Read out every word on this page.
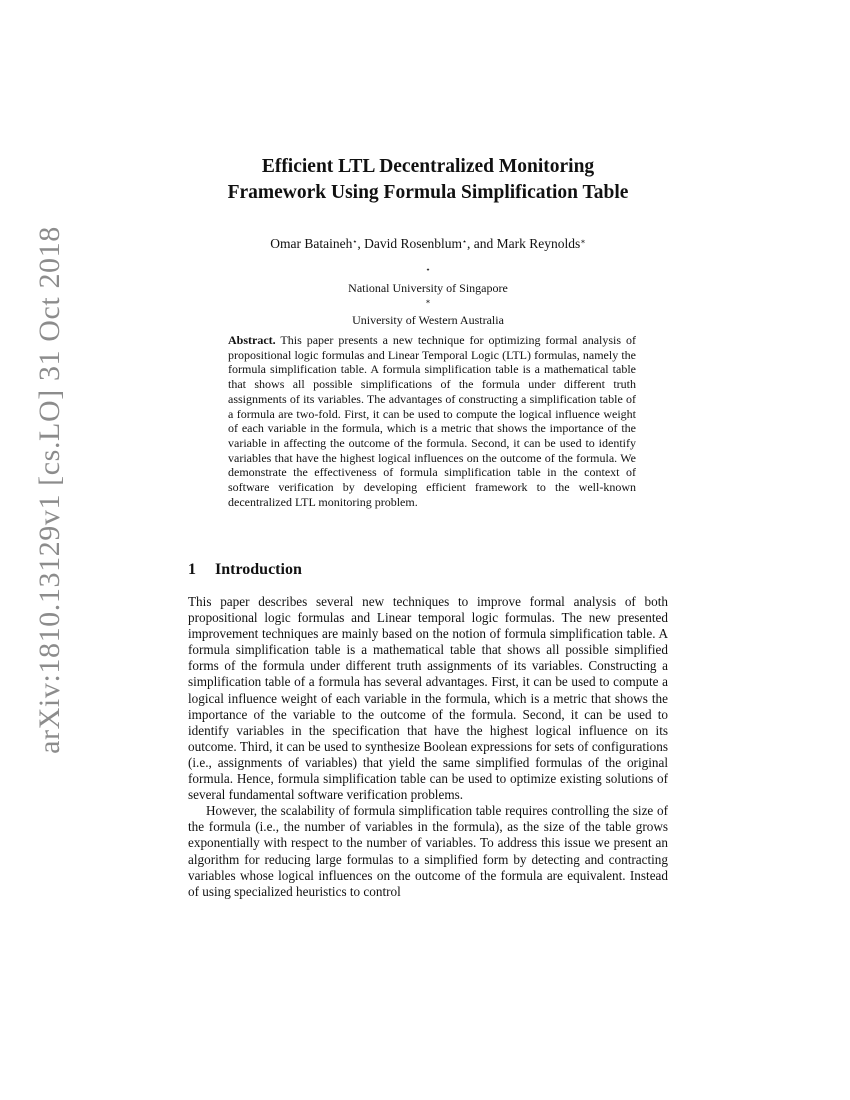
arXiv:1810.13129v1 [cs.LO] 31 Oct 2018
Efficient LTL Decentralized Monitoring
Framework Using Formula Simplification Table
Omar Bataineh⋆, David Rosenblum⋆, and Mark Reynolds∗
⋆
National University of Singapore
∗
University of Western Australia
Abstract. This paper presents a new technique for optimizing formal analysis of propositional logic formulas and Linear Temporal Logic (LTL) formulas, namely the formula simplification table. A formula simplification table is a mathematical table that shows all possible simplifications of the formula under different truth assignments of its variables. The advantages of constructing a simplification table of a formula are two-fold. First, it can be used to compute the logical influence weight of each variable in the formula, which is a metric that shows the importance of the variable in affecting the outcome of the formula. Second, it can be used to identify variables that have the highest logical influences on the outcome of the formula. We demonstrate the effectiveness of formula simplification table in the context of software verification by developing efficient framework to the well-known decentralized LTL monitoring problem.
1 Introduction

This paper describes several new techniques to improve formal analysis of both propositional logic formulas and Linear temporal logic formulas. The new presented improvement techniques are mainly based on the notion of formula simplification table. A formula simplification table is a mathematical table that shows all possible simplified forms of the formula under different truth assignments of its variables. Constructing a simplification table of a formula has several advantages. First, it can be used to compute a logical influence weight of each variable in the formula, which is a metric that shows the importance of the variable to the outcome of the formula. Second, it can be used to identify variables in the specification that have the highest logical influence on its outcome. Third, it can be used to synthesize Boolean expressions for sets of configurations (i.e., assignments of variables) that yield the same simplified formulas of the original formula. Hence, formula simplification table can be used to optimize existing solutions of several fundamental software verification problems.

However, the scalability of formula simplification table requires controlling the size of the formula (i.e., the number of variables in the formula), as the size of the table grows exponentially with respect to the number of variables. To address this issue we present an algorithm for reducing large formulas to a simplified form by detecting and contracting variables whose logical influences on the outcome of the formula are equivalent. Instead of using specialized heuristics to control
